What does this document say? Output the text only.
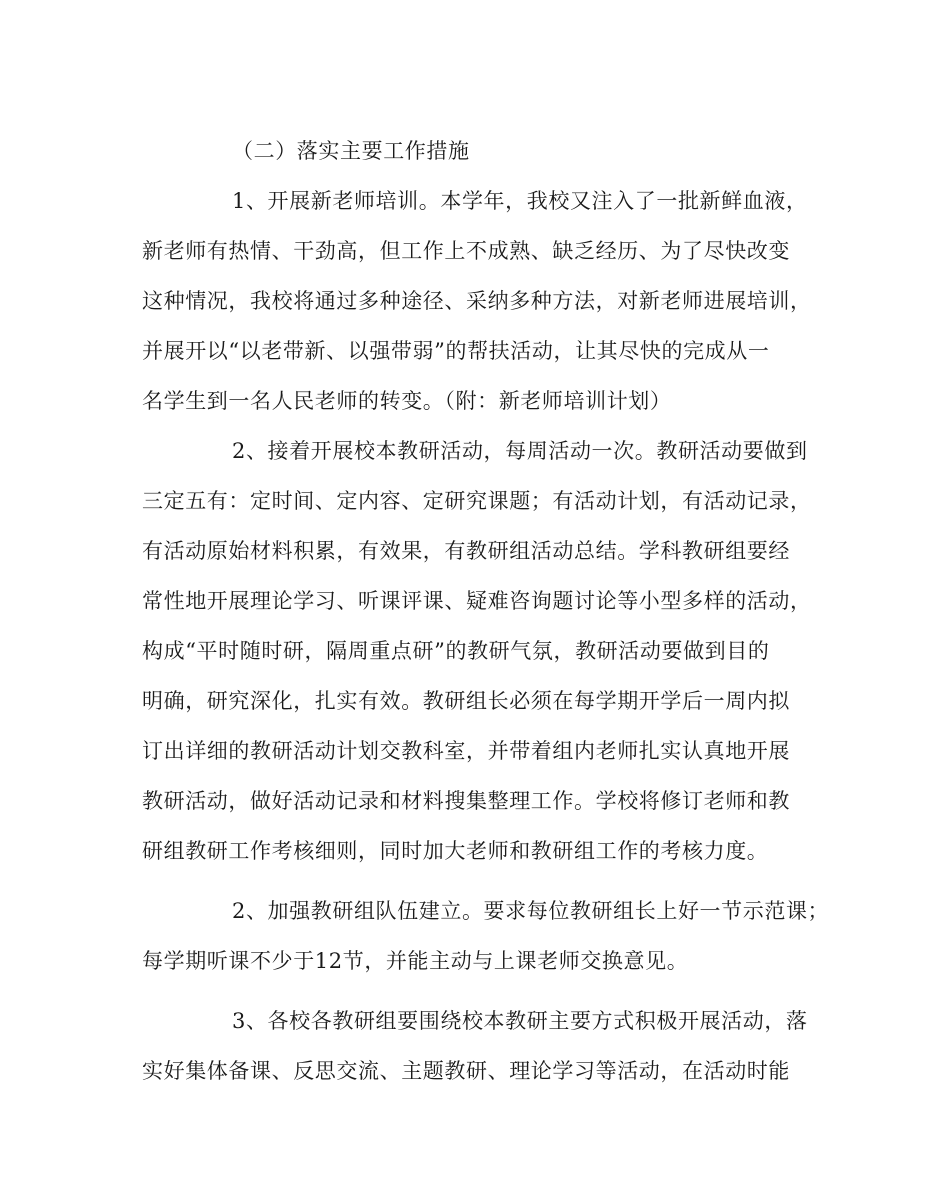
（二）落实主要工作措施
1、开展新老师培训。本学年，我校又注入了一批新鲜血液，
新老师有热情、干劲高，但工作上不成熟、缺乏经历、为了尽快改变
这种情况，我校将通过多种途径、采纳多种方法，对新老师进展培训，
并展开以“以老带新、以强带弱”的帮扶活动，让其尽快的完成从一
名学生到一名人民老师的转变。（附：新老师培训计划）
2、接着开展校本教研活动，每周活动一次。教研活动要做到
三定五有：定时间、定内容、定研究课题；有活动计划，有活动记录，
有活动原始材料积累，有效果，有教研组活动总结。学科教研组要经
常性地开展理论学习、听课评课、疑难咨询题讨论等小型多样的活动，
构成“平时随时研，隔周重点研”的教研气氛，教研活动要做到目的
明确，研究深化，扎实有效。教研组长必须在每学期开学后一周内拟
订出详细的教研活动计划交教科室，并带着组内老师扎实认真地开展
教研活动，做好活动记录和材料搜集整理工作。学校将修订老师和教
研组教研工作考核细则，同时加大老师和教研组工作的考核力度。
2、加强教研组队伍建立。要求每位教研组长上好一节示范课；
每学期听课不少于12节，并能主动与上课老师交换意见。
3、各校各教研组要围绕校本教研主要方式积极开展活动，落
实好集体备课、反思交流、主题教研、理论学习等活动，在活动时能
